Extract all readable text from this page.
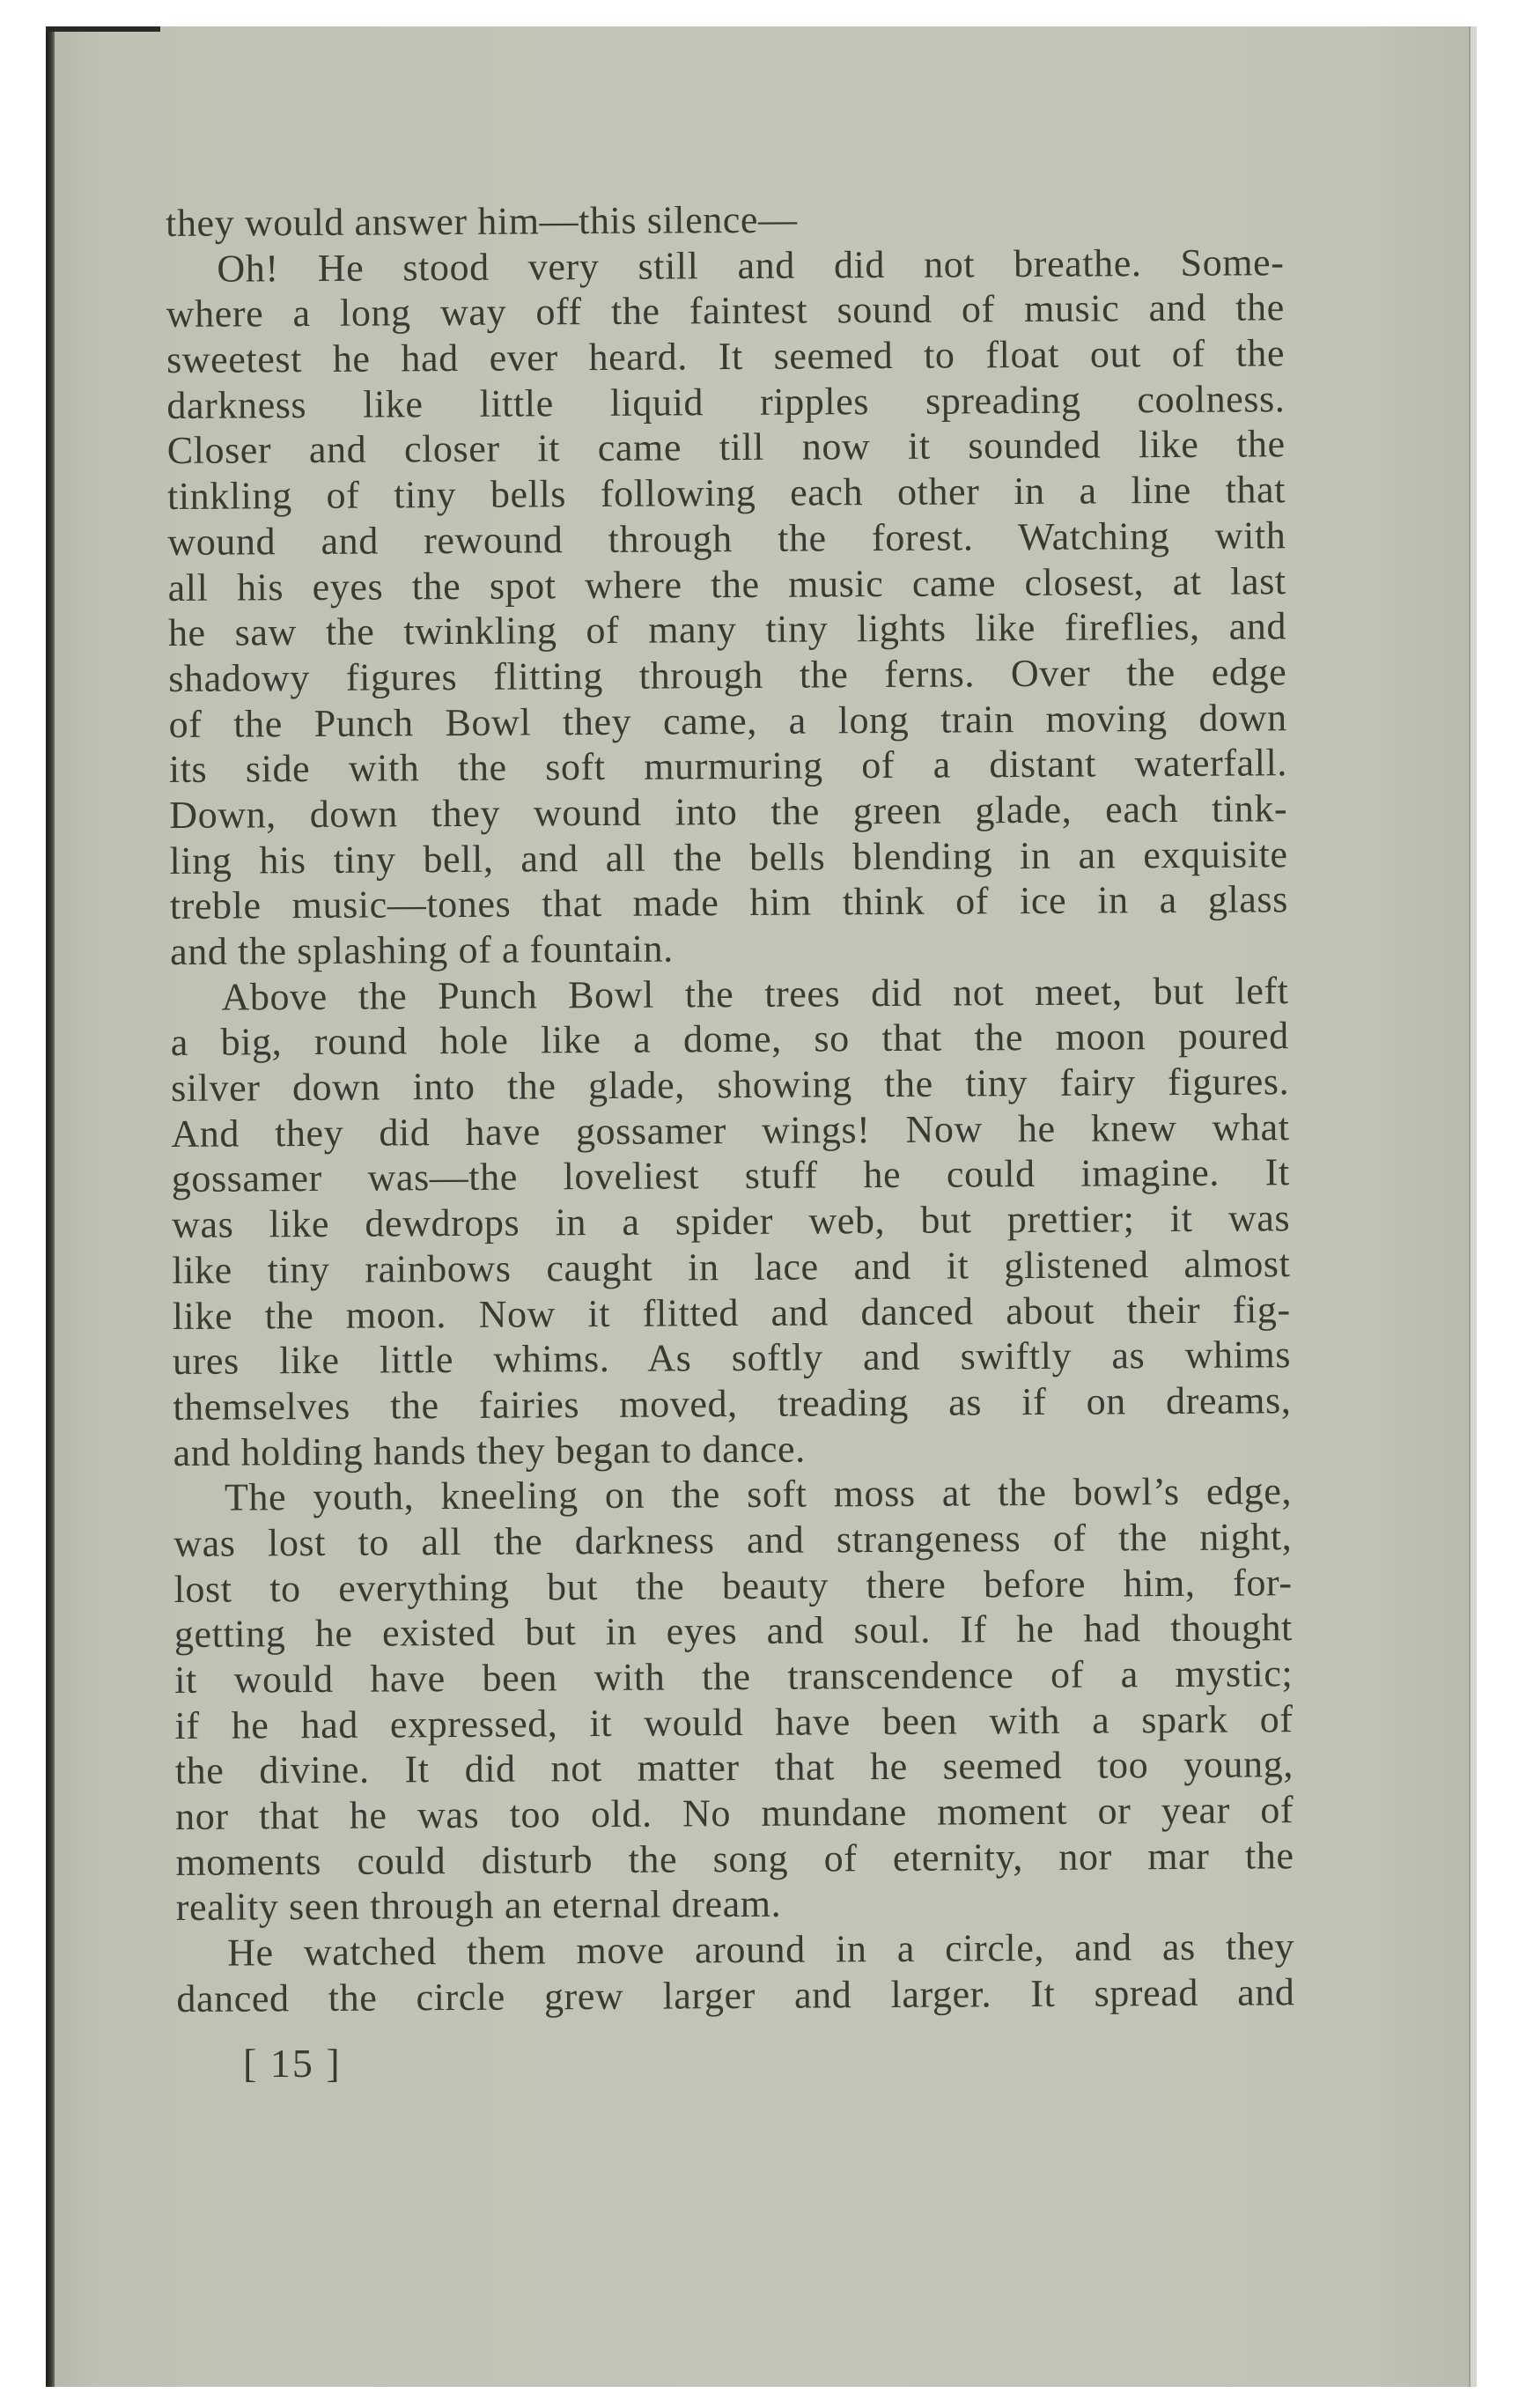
they would answer him—this silence—
Oh! He stood very still and did not breathe. Some-
where a long way off the faintest sound of music and the
sweetest he had ever heard. It seemed to float out of the
darkness like little liquid ripples spreading coolness.
Closer and closer it came till now it sounded like the
tinkling of tiny bells following each other in a line that
wound and rewound through the forest. Watching with
all his eyes the spot where the music came closest, at last
he saw the twinkling of many tiny lights like fireflies, and
shadowy figures flitting through the ferns. Over the edge
of the Punch Bowl they came, a long train moving down
its side with the soft murmuring of a distant waterfall.
Down, down they wound into the green glade, each tink-
ling his tiny bell, and all the bells blending in an exquisite
treble music—tones that made him think of ice in a glass
and the splashing of a fountain.
Above the Punch Bowl the trees did not meet, but left
a big, round hole like a dome, so that the moon poured
silver down into the glade, showing the tiny fairy figures.
And they did have gossamer wings! Now he knew what
gossamer was—the loveliest stuff he could imagine. It
was like dewdrops in a spider web, but prettier; it was
like tiny rainbows caught in lace and it glistened almost
like the moon. Now it flitted and danced about their fig-
ures like little whims. As softly and swiftly as whims
themselves the fairies moved, treading as if on dreams,
and holding hands they began to dance.
The youth, kneeling on the soft moss at the bowl’s edge,
was lost to all the darkness and strangeness of the night,
lost to everything but the beauty there before him, for-
getting he existed but in eyes and soul. If he had thought
it would have been with the transcendence of a mystic;
if he had expressed, it would have been with a spark of
the divine. It did not matter that he seemed too young,
nor that he was too old. No mundane moment or year of
moments could disturb the song of eternity, nor mar the
reality seen through an eternal dream.
He watched them move around in a circle, and as they
danced the circle grew larger and larger. It spread and
[ 15 ]
